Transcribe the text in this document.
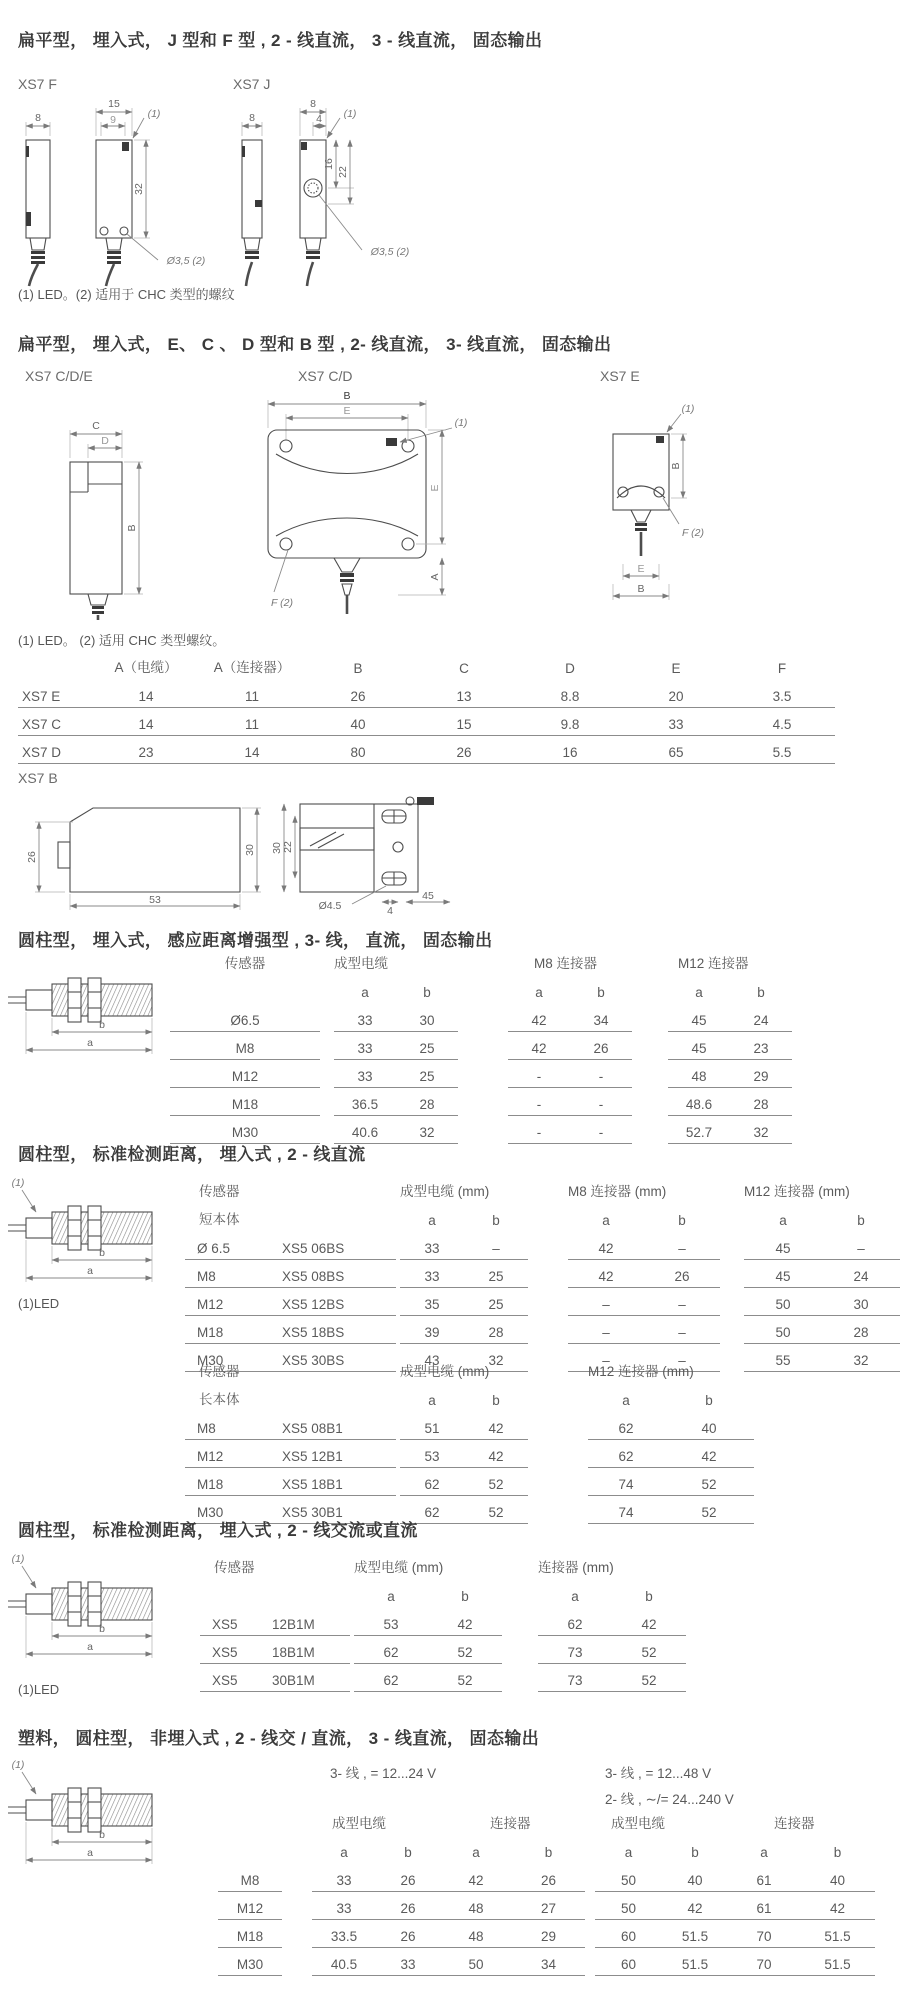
扁平型， 埋入式， J 型和 F 型 , 2 - 线直流， 3 - 线直流， 固态输出
XS7 F	XS7 J
8
15
9	(1)
32
Ø3,5 (2)
8
8
4 (1)
16
22
Ø3,5 (2)
(1) LED。(2) 适用于 CHC 类型的螺纹
扁平型， 埋入式， E、 C 、 D 型和 B 型 , 2- 线直流， 3- 线直流， 固态输出
XS7 C/D/E	XS7 C/D	XS7 E
C
D
B
B
E
(1)
E
A
F (2)
(1)
B
F (2)
E
B
(1) LED。 (2) 适用 CHC 类型螺纹。
	A（电缆）	A（连接器）	B	C	D	E	F
XS7 E	14	11	26	13	8.8	20	3.5
XS7 C	14	11	40	15	9.8	33	4.5
XS7 D	23	14	80	26	16	65	5.5
XS7 B
26
30
53
30 22
Ø4.5	4
45
圆柱型， 埋入式， 感应距离增强型 , 3- 线， 直流， 固态输出
b
a
传感器		成型电缆			M8 连接器			M12 连接器	
		a	b		a	b		a	b
Ø6.5		33	30		42	34		45	24
M8		33	25		42	26		45	23
M12		33	25		-	-		48	29
M18		36.5	28		-	-		48.6	28
M30		40.6	32		-	-		52.7	32
圆柱型， 标准检测距离， 埋入式 , 2 - 线直流
(1)
b
a
(1)LED
传感器			成型电缆 (mm)			M8 连接器 (mm)			M12 连接器 (mm)	
短本体			a	b		a	b		a	b
Ø 6.5	XS5 06BS		33	–		42	–		45	–
M8	XS5 08BS		33	25		42	26		45	24
M12	XS5 12BS		35	25		–	–		50	30
M18	XS5 18BS		39	28		–	–		50	28
M30	XS5 30BS		43	32		–	–		55	32
传感器			成型电缆 (mm)			M12 连接器 (mm)	
长本体			a	b		a	b
M8	XS5 08B1		51	42		62	40
M12	XS5 12B1		53	42		62	42
M18	XS5 18B1		62	52		74	52
M30	XS5 30B1		62	52		74	52
圆柱型， 标准检测距离， 埋入式 , 2 - 线交流或直流
(1)
b
a
传感器			成型电缆 (mm)			连接器 (mm)	
			a	b		a	b
XS5	12B1M		53	42		62	42
XS5	18B1M		62	52		73	52
XS5	30B1M		62	52		73	52
(1)LED
塑料， 圆柱型， 非埋入式 , 2 - 线交 / 直流， 3 - 线直流， 固态输出
3- 线 , = 12...24 V	3- 线 , = 12...48 V
2- 线 , ∼/= 24...240 V
(1)
b
a
		成型电缆		连接器			成型电缆		连接器	
		a	b	a	b		a	b	a	b
M8		33	26	42	26		50	40	61	40
M12		33	26	48	27		50	42	61	42
M18		33.5	26	48	29		60	51.5	70	51.5
M30		40.5	33	50	34		60	51.5	70	51.5
